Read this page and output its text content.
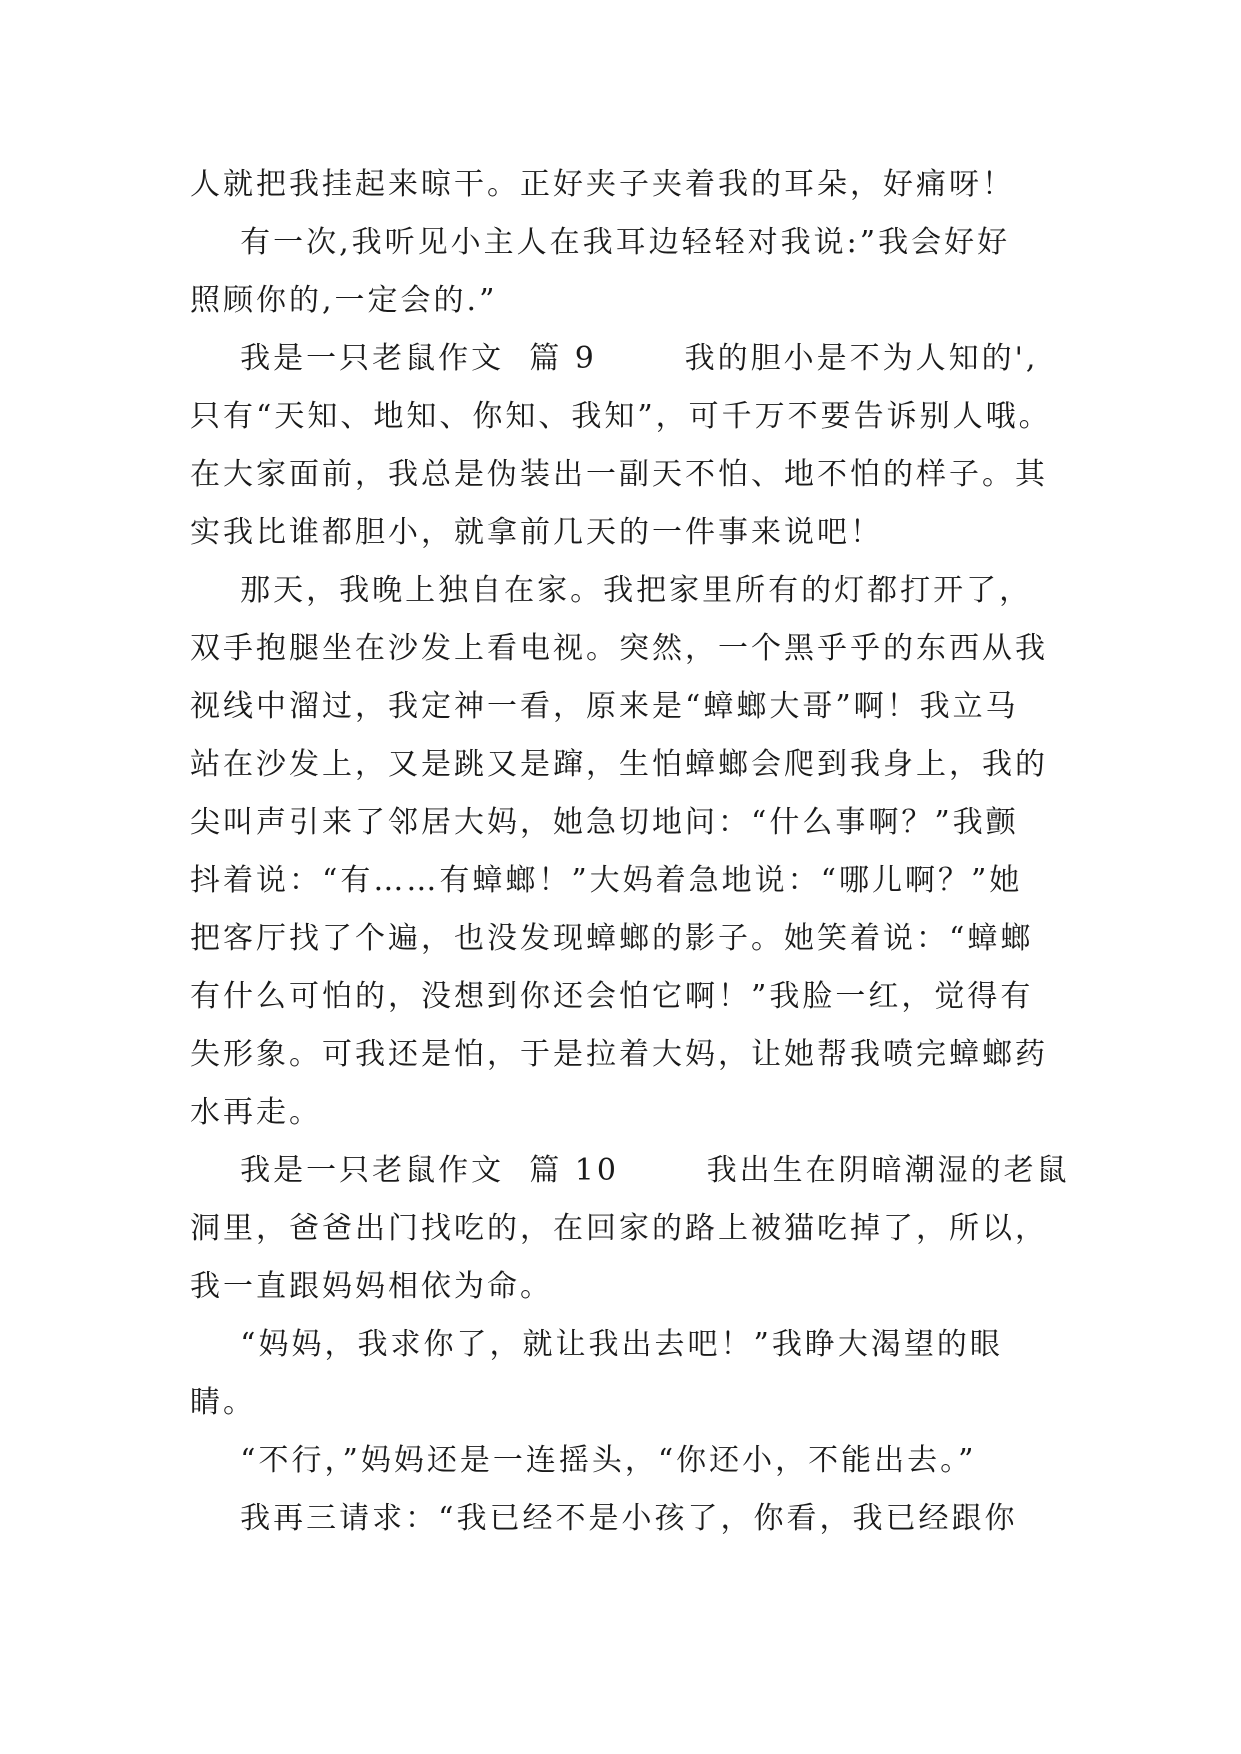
人就把我挂起来晾干。正好夹子夹着我的耳朵，好痛呀！
有一次,我听见小主人在我耳边轻轻对我说:”我会好好
照顾你的,一定会的.”
我是一只老鼠作文  篇 9       我的胆小是不为人知的',
只有“天知、地知、你知、我知”，可千万不要告诉别人哦。
在大家面前，我总是伪装出一副天不怕、地不怕的样子。其
实我比谁都胆小，就拿前几天的一件事来说吧！
那天，我晚上独自在家。我把家里所有的灯都打开了，
双手抱腿坐在沙发上看电视。突然，一个黑乎乎的东西从我
视线中溜过，我定神一看，原来是“蟑螂大哥”啊！我立马
站在沙发上，又是跳又是蹿，生怕蟑螂会爬到我身上，我的
尖叫声引来了邻居大妈，她急切地问：“什么事啊？”我颤
抖着说：“有……有蟑螂！”大妈着急地说：“哪儿啊？”她
把客厅找了个遍，也没发现蟑螂的影子。她笑着说：“蟑螂
有什么可怕的，没想到你还会怕它啊！”我脸一红，觉得有
失形象。可我还是怕，于是拉着大妈，让她帮我喷完蟑螂药
水再走。
我是一只老鼠作文  篇 10       我出生在阴暗潮湿的老鼠
洞里，爸爸出门找吃的，在回家的路上被猫吃掉了，所以，
我一直跟妈妈相依为命。
“妈妈，我求你了，就让我出去吧！”我睁大渴望的眼
睛。
“不行，”妈妈还是一连摇头，“你还小，不能出去。”
我再三请求：“我已经不是小孩了，你看，我已经跟你
